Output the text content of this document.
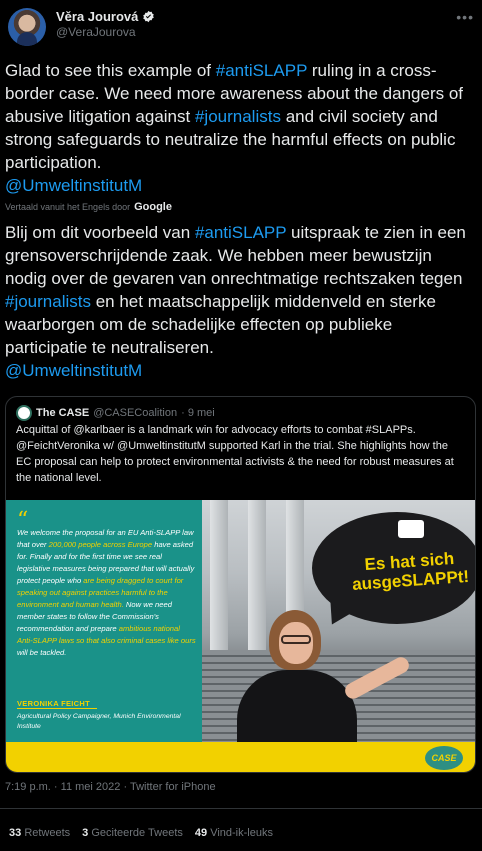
Věra Jourová
@VeraJourova
•••
Glad to see this example of #antiSLAPP ruling in a cross-border case. We need more awareness about the dangers of abusive litigation against #journalists and civil society and strong safeguards to neutralize the harmful effects on public participation.
@UmweltinstitutM
Vertaald vanuit het Engels door Google
Blij om dit voorbeeld van #antiSLAPP uitspraak te zien in een grensoverschrijdende zaak. We hebben meer bewustzijn nodig over de gevaren van onrechtmatige rechtszaken tegen #journalists en het maatschappelijk middenveld en sterke waarborgen om de schadelijke effecten op publieke participatie te neutraliseren.
@UmweltinstitutM
The CASE @CASECoalition · 9 mei
Acquittal of @karlbaer is a landmark win for advocacy efforts to combat #SLAPPs. @FeichtVeronika w/ @UmweltinstitutM supported Karl in the trial. She highlights how the EC proposal can help to protect environmental activists & the need for robust measures at the national level.
“
We welcome the proposal for an EU Anti-SLAPP law that over 200,000 people across Europe have asked for. Finally and for the first time we see real legislative measures being prepared that will actually protect people who are being dragged to court for speaking out against practices harmful to the environment and human health. Now we need member states to follow the Commission's recommendation and prepare ambitious national Anti-SLAPP laws so that also criminal cases like ours will be tackled.
VERONIKA FEICHT
Agricultural Policy Campaigner, Munich Environmental Institute
Es hat sich ausgeSLAPPt!
CASE
7:19 p.m. · 11 mei 2022 · Twitter for iPhone
33 Retweets 3 Geciteerde Tweets 49 Vind-ik-leuks
